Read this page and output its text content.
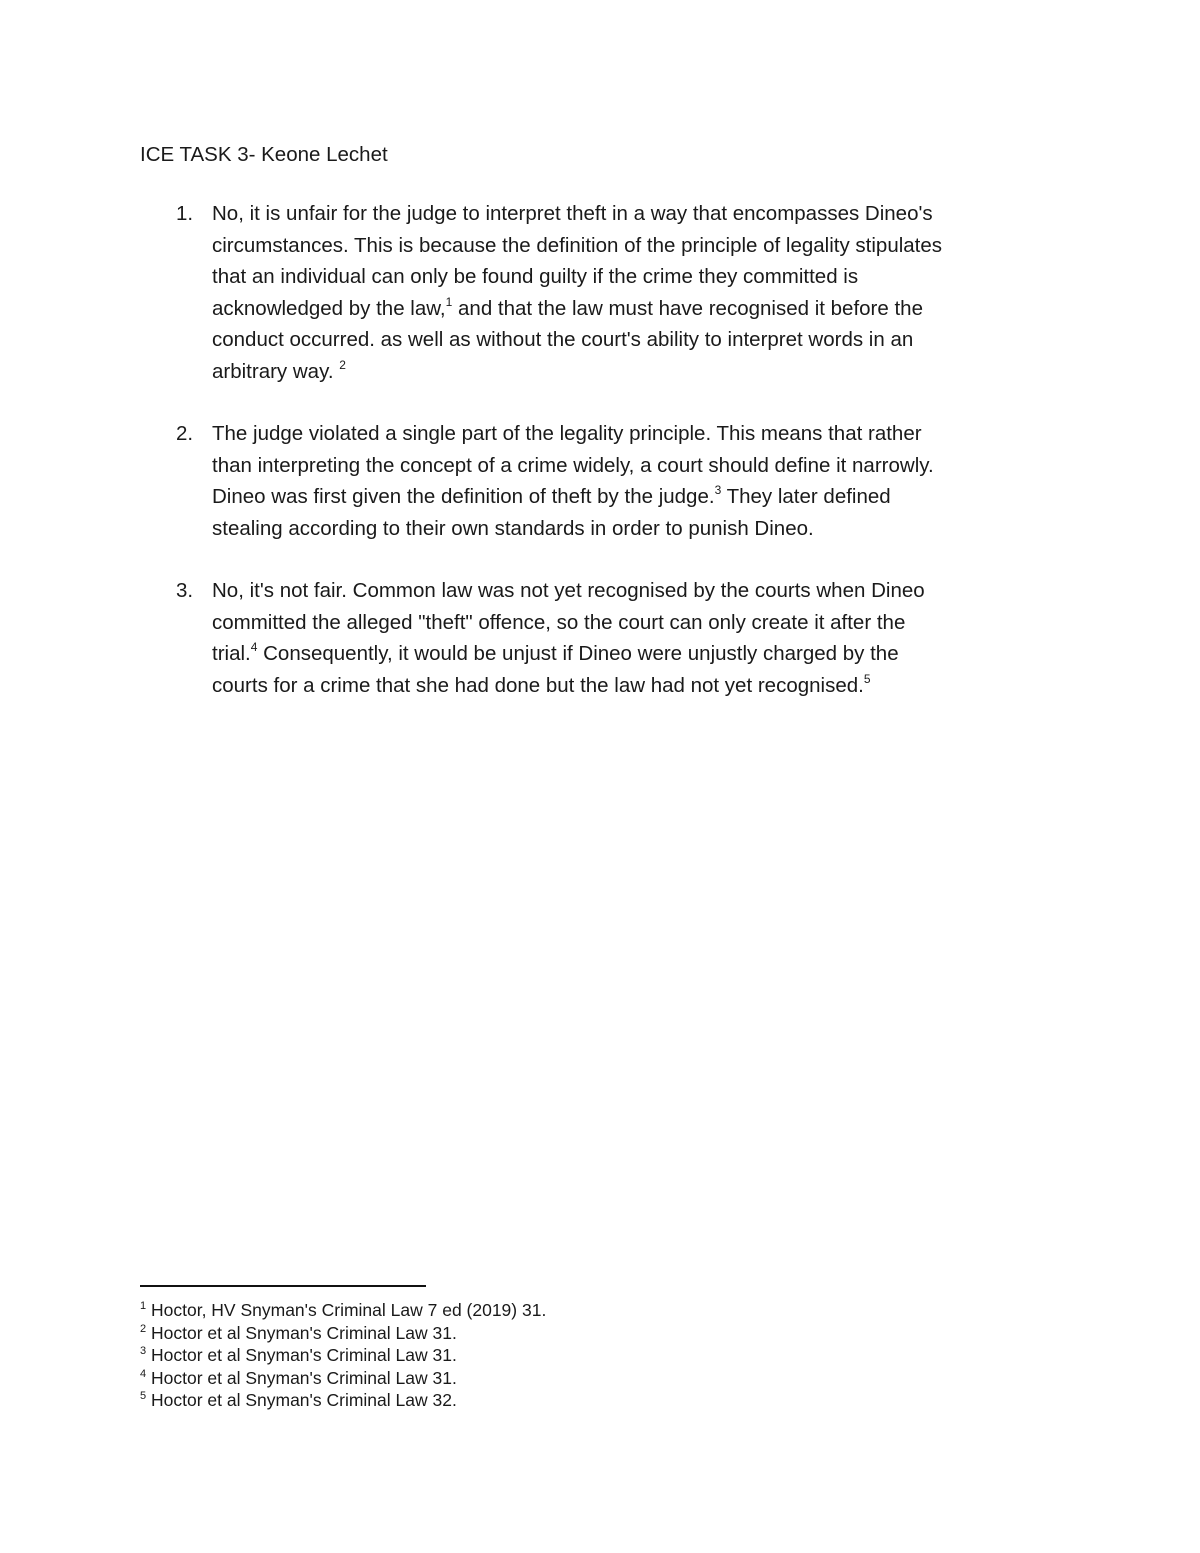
ICE TASK 3- Keone Lechet
1. No, it is unfair for the judge to interpret theft in a way that encompasses Dineo's
circumstances. This is because the definition of the principle of legality stipulates
that an individual can only be found guilty if the crime they committed is
acknowledged by the law,$^1$ and that the law must have recognised it before the
conduct occurred. as well as without the court's ability to interpret words in an
arbitrary way. $^2$
2. The judge violated a single part of the legality principle. This means that rather
than interpreting the concept of a crime widely, a court should define it narrowly.
Dineo was first given the definition of theft by the judge.$^3$ They later defined
stealing according to their own standards in order to punish Dineo.
3. No, it's not fair. Common law was not yet recognised by the courts when Dineo
committed the alleged "theft" offence, so the court can only create it after the
trial.$^4$ Consequently, it would be unjust if Dineo were unjustly charged by the
courts for a crime that she had done but the law had not yet recognised.$^5$
$^1$ Hoctor, HV Snyman's Criminal Law 7 ed (2019) 31.
$^2$ Hoctor et al Snyman's Criminal Law 31.
$^3$ Hoctor et al Snyman's Criminal Law 31.
$^4$ Hoctor et al Snyman's Criminal Law 31.
$^5$ Hoctor et al Snyman's Criminal Law 32.
